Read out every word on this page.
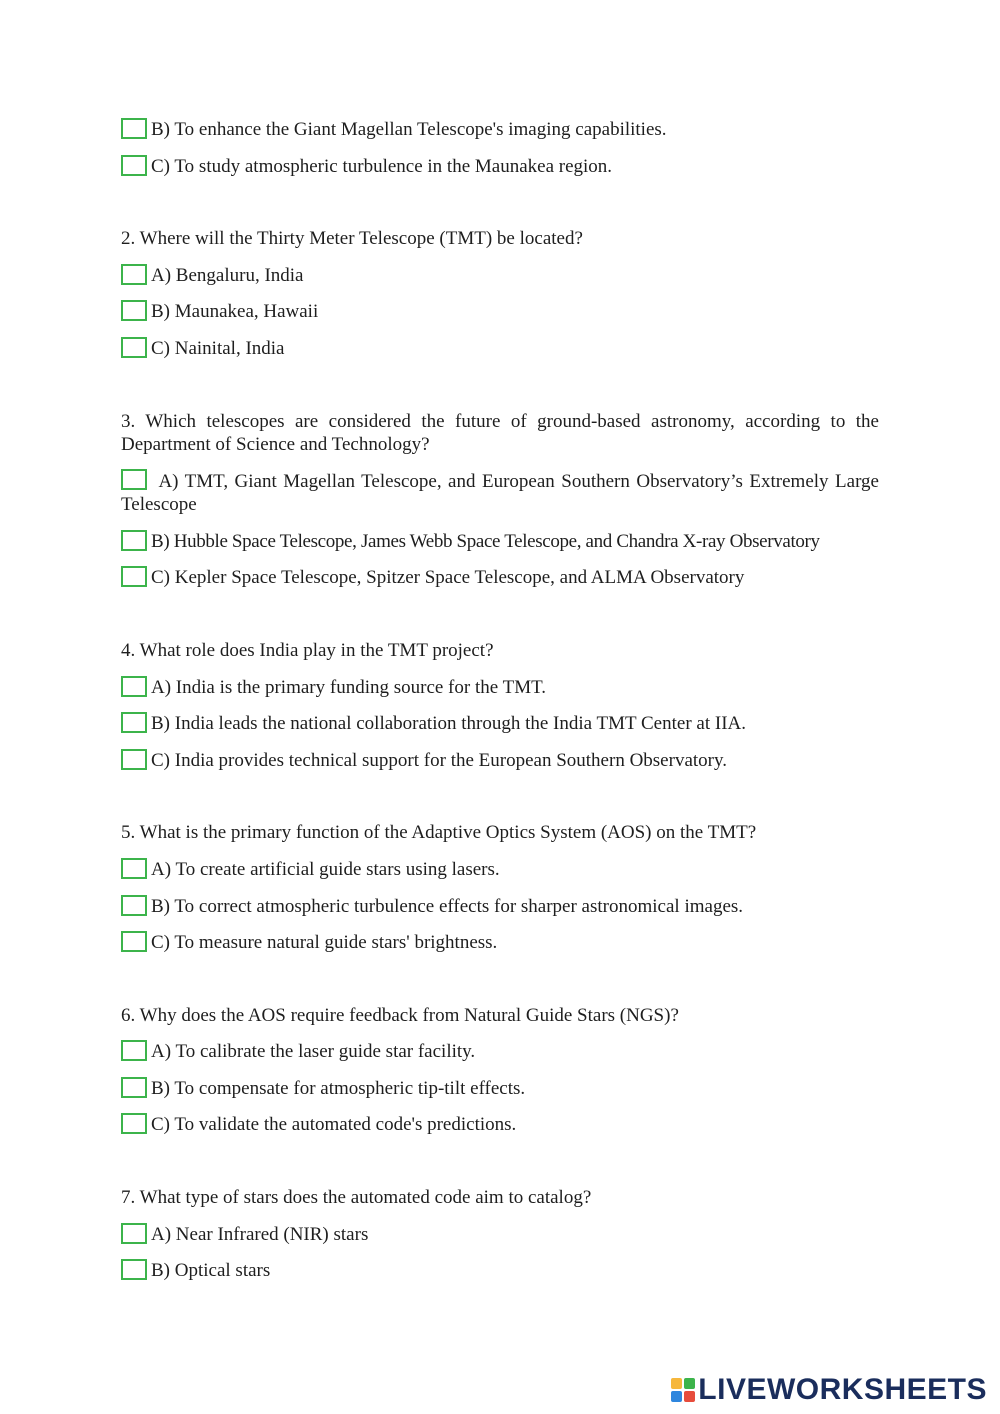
B) To enhance the Giant Magellan Telescope's imaging capabilities.
C) To study atmospheric turbulence in the Maunakea region.

2. Where will the Thirty Meter Telescope (TMT) be located?

A) Bengaluru, India
B) Maunakea, Hawaii
C) Nainital, India

3. Which telescopes are considered the future of ground-based astronomy, according to the Department of Science and Technology?

A) TMT, Giant Magellan Telescope, and European Southern Observatory’s Extremely Large Telescope
B) Hubble Space Telescope, James Webb Space Telescope, and Chandra X-ray Observatory
C) Kepler Space Telescope, Spitzer Space Telescope, and ALMA Observatory

4. What role does India play in the TMT project?

A) India is the primary funding source for the TMT.
B) India leads the national collaboration through the India TMT Center at IIA.
C) India provides technical support for the European Southern Observatory.

5. What is the primary function of the Adaptive Optics System (AOS) on the TMT?

A) To create artificial guide stars using lasers.
B) To correct atmospheric turbulence effects for sharper astronomical images.
C) To measure natural guide stars' brightness.

6. Why does the AOS require feedback from Natural Guide Stars (NGS)?

A) To calibrate the laser guide star facility.
B) To compensate for atmospheric tip-tilt effects.
C) To validate the automated code's predictions.

7. What type of stars does the automated code aim to catalog?

A) Near Infrared (NIR) stars
B) Optical stars
LIVEWORKSHEETS
